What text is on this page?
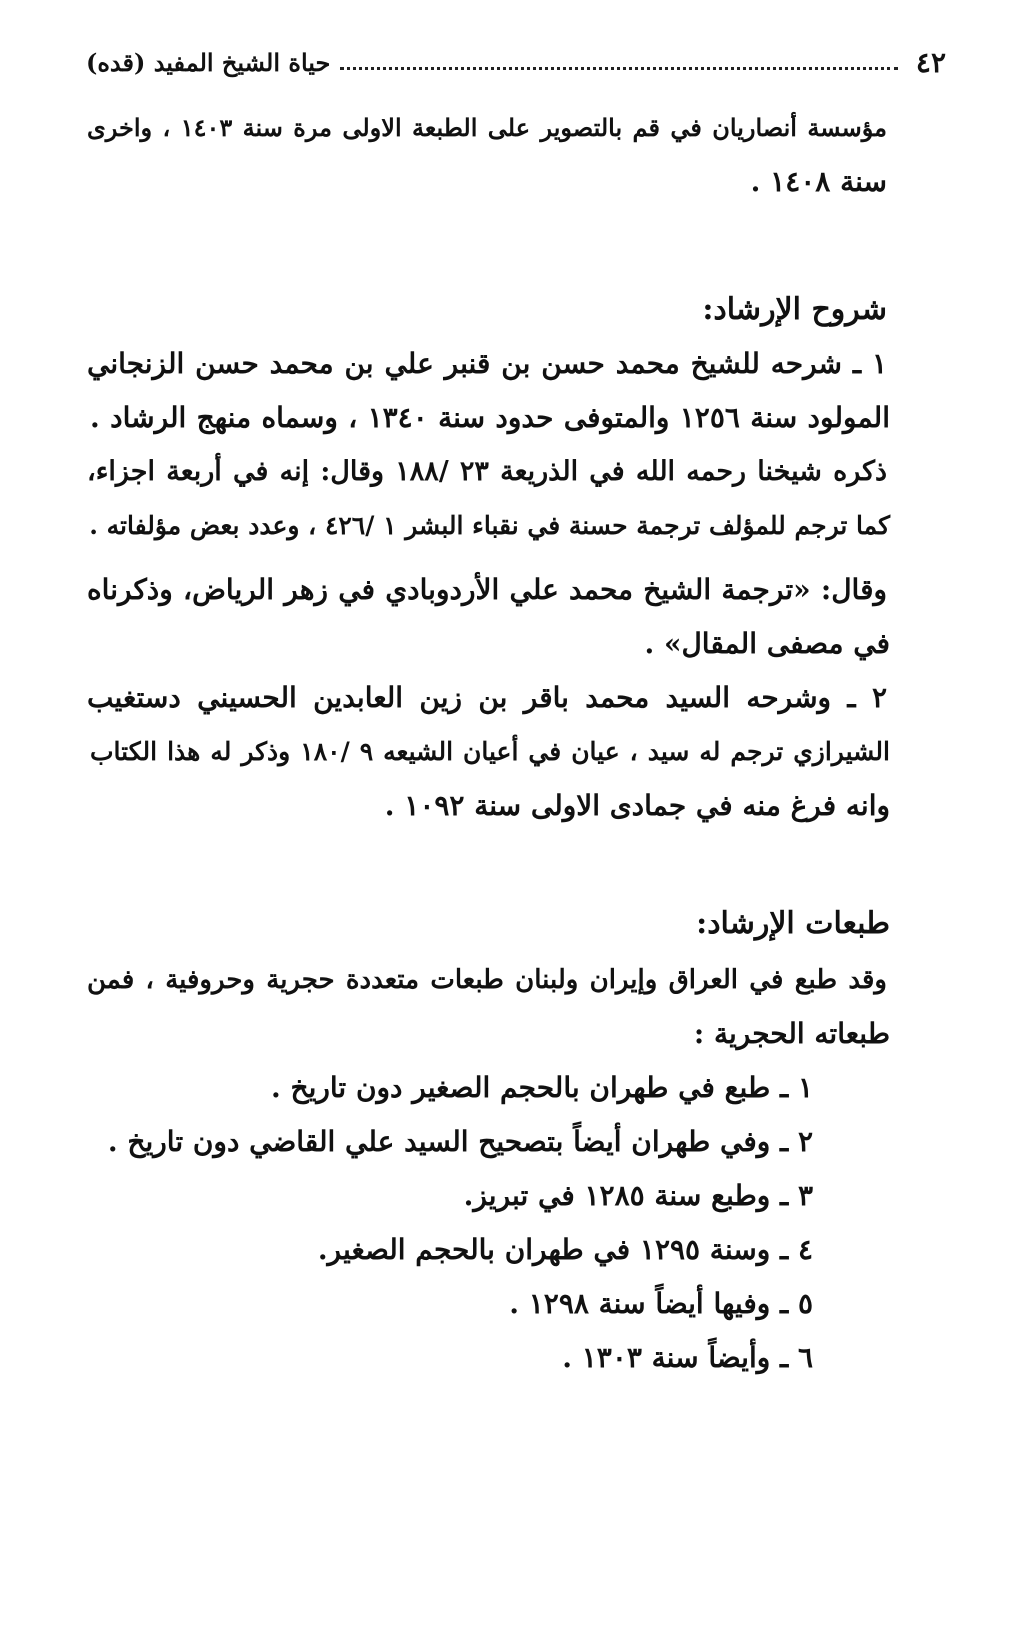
٤٢
حياة الشيخ المفيد (قده)
مؤسسة أنصاريان في قم بالتصوير على الطبعة الاولى مرة سنة ١٤٠٣ ، واخرى
سنة ١٤٠٨ .
شروح الإرشاد:
١ ـ شرحه للشيخ محمد حسن بن قنبر علي بن محمد حسن الزنجاني
المولود سنة ١٢٥٦ والمتوفى حدود سنة ١٣٤٠ ، وسماه منهج الرشاد .
ذكره شيخنا رحمه الله في الذريعة ٢٣ /١٨٨ وقال: إنه في أربعة اجزاء،
كما ترجم للمؤلف ترجمة حسنة في نقباء البشر ١ /٤٢٦ ، وعدد بعض مؤلفاته .
وقال: «ترجمة الشيخ محمد علي الأردوبادي في زهر الرياض، وذكرناه
في مصفى المقال» .
٢ ـ وشرحه السيد محمد باقر بن زين العابدين الحسيني دستغيب
الشيرازي ترجم له سيد ، عيان في أعيان الشيعه ٩ /١٨٠ وذكر له هذا الكتاب
وانه فرغ منه في جمادى الاولى سنة ١٠٩٢ .
طبعات الإرشاد:
وقد طبع في العراق وإيران ولبنان طبعات متعددة حجرية وحروفية ، فمن
طبعاته الحجرية :
١ ـ طبع في طهران بالحجم الصغير دون تاريخ .
٢ ـ وفي طهران أيضاً بتصحيح السيد علي القاضي دون تاريخ .
٣ ـ وطبع سنة ١٢٨٥ في تبريز.
٤ ـ وسنة ١٢٩٥ في طهران بالحجم الصغير.
٥ ـ وفيها أيضاً سنة ١٢٩٨ .
٦ ـ وأيضاً سنة ١٣٠٣ .
